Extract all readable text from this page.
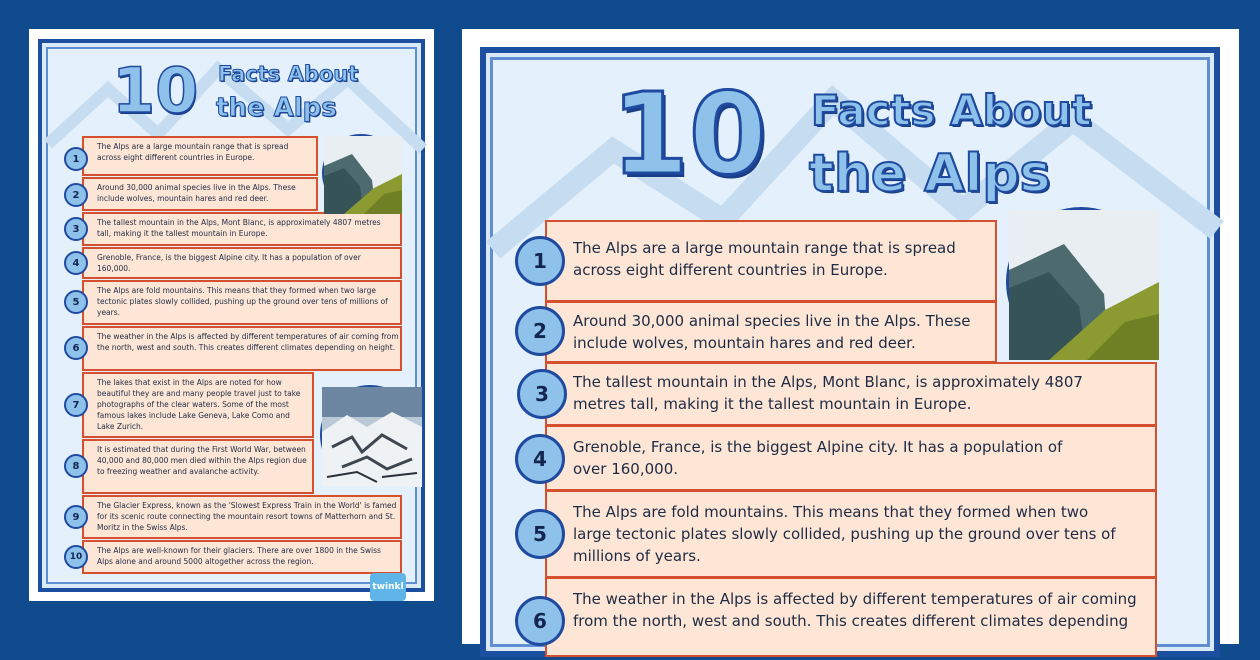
10 Facts About
the Alps

The Alps are a large mountain range that is spread across eight different countries in Europe.

Around 30,000 animal species live in the Alps. These include wolves, mountain hares and red deer.

The tallest mountain in the Alps, Mont Blanc, is approximately 4807 metres tall, making it the tallest mountain in Europe.

Grenoble, France, is the biggest Alpine city. It has a population of over 160,000.

The Alps are fold mountains. This means that they formed when two large tectonic plates slowly collided, pushing up the ground over tens of millions of years.

The weather in the Alps is affected by different temperatures of air coming from the north, west and south. This creates different climates depending on height.

The lakes that exist in the Alps are noted for how beautiful they are and many people travel just to take photographs of the clear waters. Some of the most famous lakes include Lake Geneva, Lake Como and Lake Zurich.

It is estimated that during the First World War, between 40,000 and 80,000 men died within the Alps region due to freezing weather and avalanche activity.

The Glacier Express, known as the 'Slowest Express Train in the World' is famed for its scenic route connecting the mountain resort towns of Matterhorn and St. Moritz in the Swiss Alps.

The Alps are well-known for their glaciers. There are over 1800 in the Swiss Alps alone and around 5000 altogether across the region.

1
2
3
4
5
6
7
8
9
10
twinkl
10 Facts About
the Alps

The Alps are a large mountain range that is spread

across eight different countries in Europe.

Around 30,000 animal species live in the Alps. These

include wolves, mountain hares and red deer.

The tallest mountain in the Alps, Mont Blanc, is approximately 4807

metres tall, making it the tallest mountain in Europe.

Grenoble, France, is the biggest Alpine city. It has a population of

over 160,000.

The Alps are fold mountains. This means that they formed when two

large tectonic plates slowly collided, pushing up the ground over tens of

millions of years.

The weather in the Alps is affected by different temperatures of air coming

from the north, west and south. This creates different climates depending

1
2
3
4
5
6
